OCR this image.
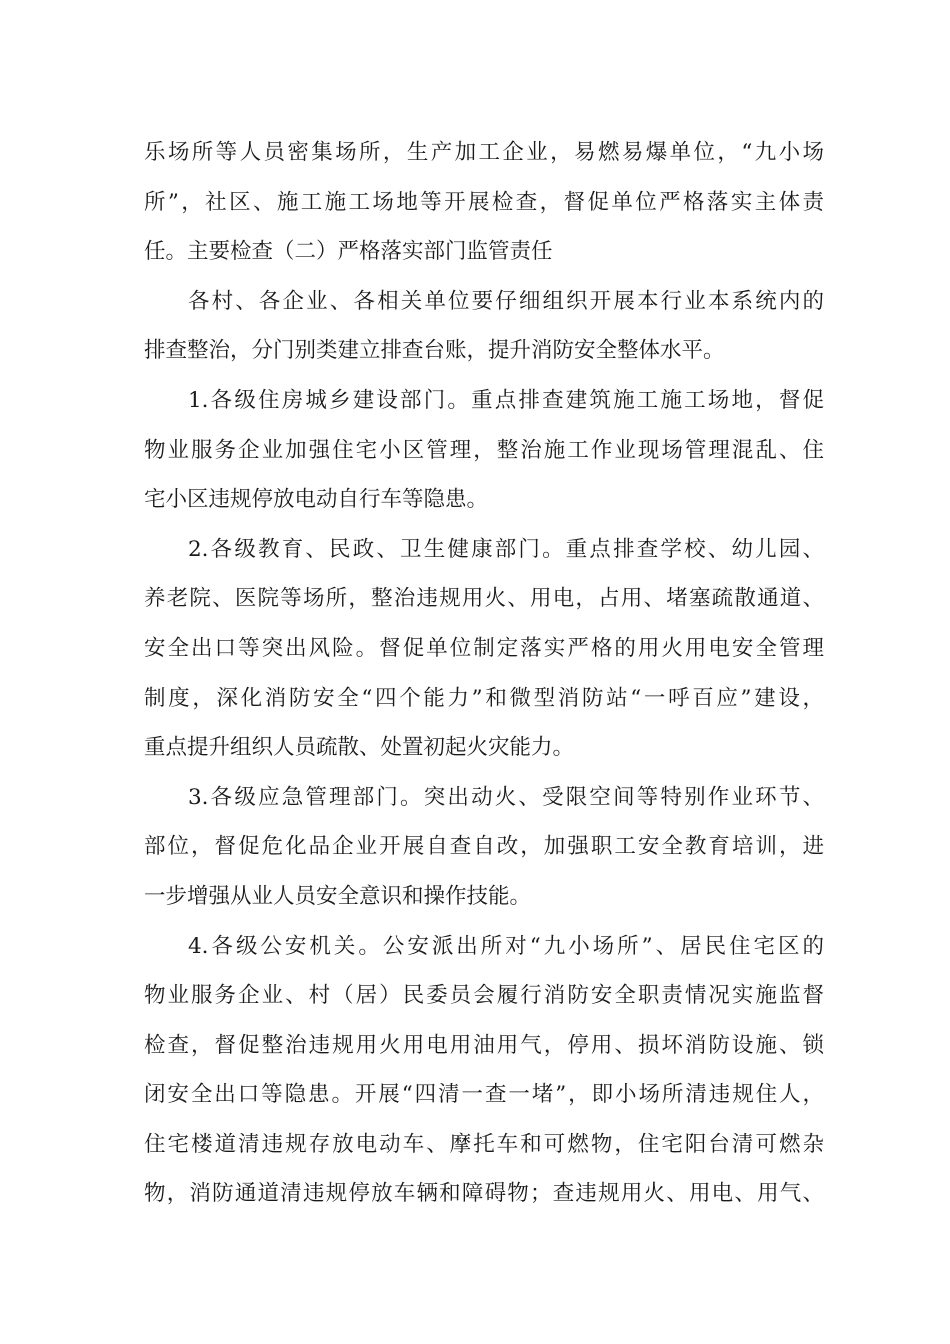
乐场所等人员密集场所，生产加工企业，易燃易爆单位，“九小场
所”，社区、施工施工场地等开展检查，督促单位严格落实主体责
任。主要检查（二）严格落实部门监管责任
各村、各企业、各相关单位要仔细组织开展本行业本系统内的
排查整治，分门别类建立排查台账，提升消防安全整体水平。
1.各级住房城乡建设部门。重点排查建筑施工施工场地，督促
物业服务企业加强住宅小区管理，整治施工作业现场管理混乱、住
宅小区违规停放电动自行车等隐患。
2.各级教育、民政、卫生健康部门。重点排查学校、幼儿园、
养老院、医院等场所，整治违规用火、用电，占用、堵塞疏散通道、
安全出口等突出风险。督促单位制定落实严格的用火用电安全管理
制度，深化消防安全“四个能力”和微型消防站“一呼百应”建设，
重点提升组织人员疏散、处置初起火灾能力。
3.各级应急管理部门。突出动火、受限空间等特别作业环节、
部位，督促危化品企业开展自查自改，加强职工安全教育培训，进
一步增强从业人员安全意识和操作技能。
4.各级公安机关。公安派出所对“九小场所”、居民住宅区的
物业服务企业、村（居）民委员会履行消防安全职责情况实施监督
检查，督促整治违规用火用电用油用气，停用、损坏消防设施、锁
闭安全出口等隐患。开展“四清一查一堵”，即小场所清违规住人，
住宅楼道清违规存放电动车、摩托车和可燃物，住宅阳台清可燃杂
物，消防通道清违规停放车辆和障碍物；查违规用火、用电、用气、
